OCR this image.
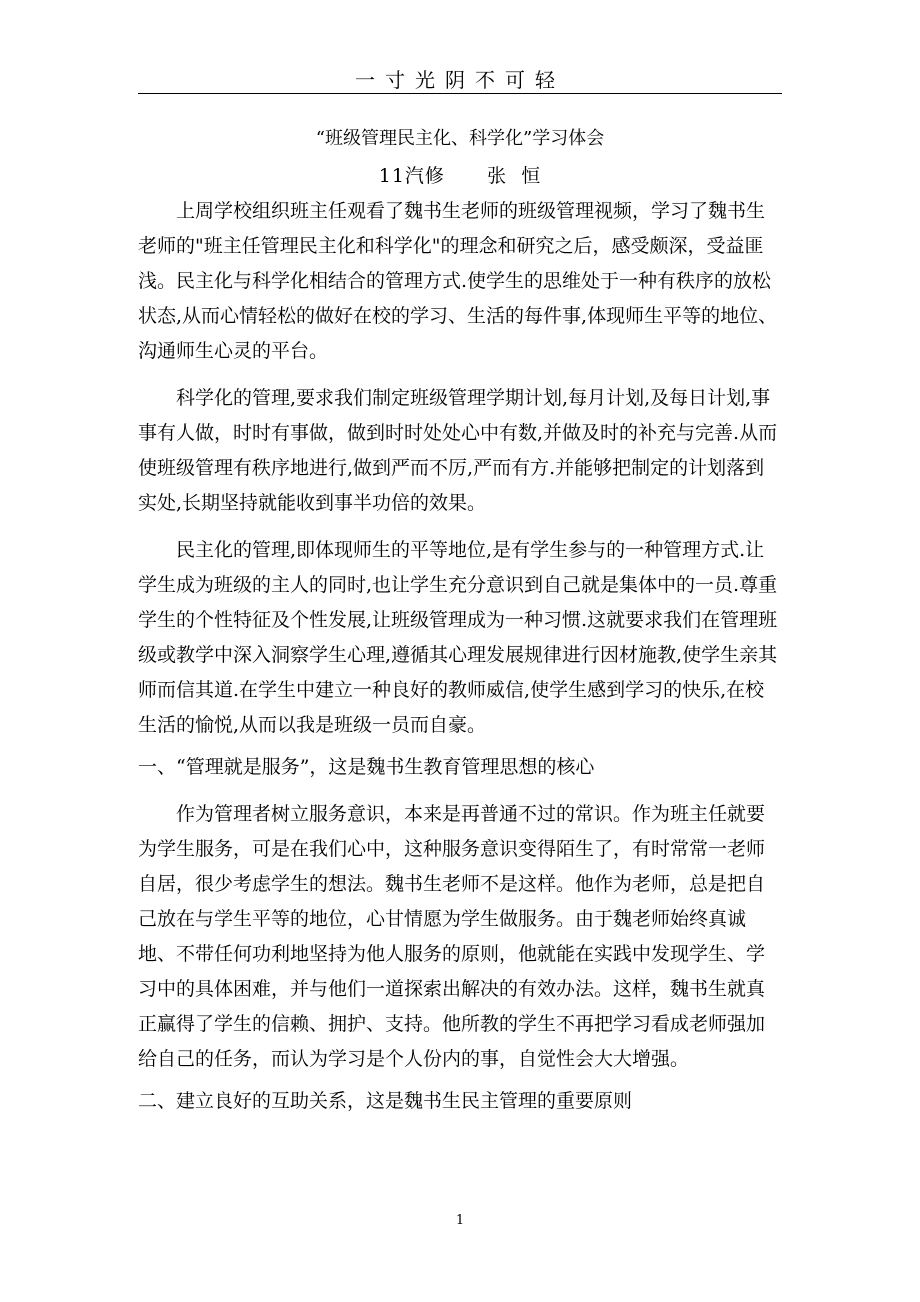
一寸光阴不可轻
“班级管理民主化、科学化”学习体会
11汽修      张  恒

上周学校组织班主任观看了魏书生老师的班级管理视频，学习了魏书生老师的"班主任管理民主化和科学化"的理念和研究之后，感受颇深，受益匪浅。民主化与科学化相结合的管理方式.使学生的思维处于一种有秩序的放松状态,从而心情轻松的做好在校的学习、生活的每件事,体现师生平等的地位、沟通师生心灵的平台。

科学化的管理,要求我们制定班级管理学期计划,每月计划,及每日计划,事事有人做，时时有事做，做到时时处处心中有数,并做及时的补充与完善.从而使班级管理有秩序地进行,做到严而不厉,严而有方.并能够把制定的计划落到实处,长期坚持就能收到事半功倍的效果。

民主化的管理,即体现师生的平等地位,是有学生参与的一种管理方式.让学生成为班级的主人的同时,也让学生充分意识到自己就是集体中的一员.尊重学生的个性特征及个性发展,让班级管理成为一种习惯.这就要求我们在管理班级或教学中深入洞察学生心理,遵循其心理发展规律进行因材施教,使学生亲其师而信其道.在学生中建立一种良好的教师威信,使学生感到学习的快乐,在校生活的愉悦,从而以我是班级一员而自豪。

一、“管理就是服务”，这是魏书生教育管理思想的核心

作为管理者树立服务意识，本来是再普通不过的常识。作为班主任就要为学生服务，可是在我们心中，这种服务意识变得陌生了，有时常常一老师自居，很少考虑学生的想法。魏书生老师不是这样。他作为老师，总是把自己放在与学生平等的地位，心甘情愿为学生做服务。由于魏老师始终真诚地、不带任何功利地坚持为他人服务的原则，他就能在实践中发现学生、学习中的具体困难，并与他们一道探索出解决的有效办法。这样，魏书生就真正赢得了学生的信赖、拥护、支持。他所教的学生不再把学习看成老师强加给自己的任务，而认为学习是个人份内的事，自觉性会大大增强。

二、建立良好的互助关系，这是魏书生民主管理的重要原则

1
